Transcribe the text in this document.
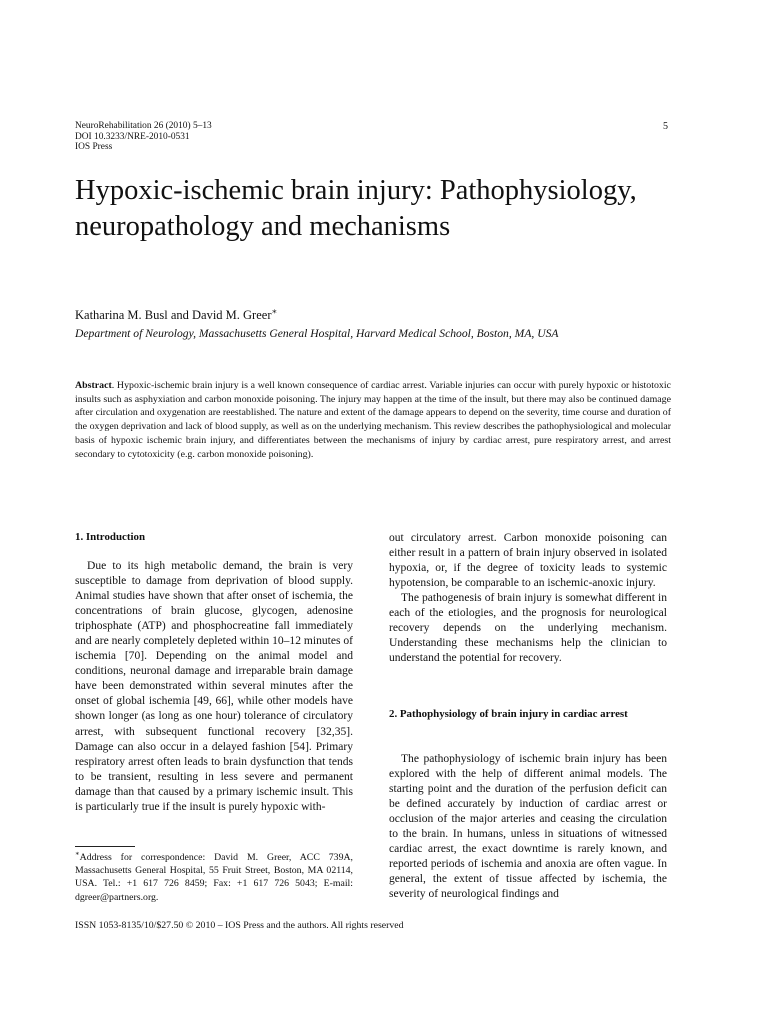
NeuroRehabilitation 26 (2010) 5–13
DOI 10.3233/NRE-2010-0531
IOS Press
5
Hypoxic-ischemic brain injury: Pathophysiology, neuropathology and mechanisms
Katharina M. Busl and David M. Greer∗
Department of Neurology, Massachusetts General Hospital, Harvard Medical School, Boston, MA, USA
Abstract. Hypoxic-ischemic brain injury is a well known consequence of cardiac arrest. Variable injuries can occur with purely hypoxic or histotoxic insults such as asphyxiation and carbon monoxide poisoning. The injury may happen at the time of the insult, but there may also be continued damage after circulation and oxygenation are reestablished. The nature and extent of the damage appears to depend on the severity, time course and duration of the oxygen deprivation and lack of blood supply, as well as on the underlying mechanism. This review describes the pathophysiological and molecular basis of hypoxic ischemic brain injury, and differentiates between the mechanisms of injury by cardiac arrest, pure respiratory arrest, and arrest secondary to cytotoxicity (e.g. carbon monoxide poisoning).

1. Introduction

Due to its high metabolic demand, the brain is very susceptible to damage from deprivation of blood supply. Animal studies have shown that after onset of ischemia, the concentrations of brain glucose, glycogen, adenosine triphosphate (ATP) and phosphocreatine fall immediately and are nearly completely depleted within 10–12 minutes of ischemia [70]. Depending on the animal model and conditions, neuronal damage and irreparable brain damage have been demonstrated within several minutes after the onset of global ischemia [49, 66], while other models have shown longer (as long as one hour) tolerance of circulatory arrest, with subsequent functional recovery [32,35]. Damage can also occur in a delayed fashion [54]. Primary respiratory arrest often leads to brain dysfunction that tends to be transient, resulting in less severe and permanent damage than that caused by a primary ischemic insult. This is particularly true if the insult is purely hypoxic with-

∗Address for correspondence: David M. Greer, ACC 739A, Massachusetts General Hospital, 55 Fruit Street, Boston, MA 02114, USA. Tel.: +1 617 726 8459; Fax: +1 617 726 5043; E-mail: dgreer@partners.org.

out circulatory arrest. Carbon monoxide poisoning can either result in a pattern of brain injury observed in isolated hypoxia, or, if the degree of toxicity leads to systemic hypotension, be comparable to an ischemic-anoxic injury.

The pathogenesis of brain injury is somewhat different in each of the etiologies, and the prognosis for neurological recovery depends on the underlying mechanism. Understanding these mechanisms help the clinician to understand the potential for recovery.

2. Pathophysiology of brain injury in cardiac arrest

The pathophysiology of ischemic brain injury has been explored with the help of different animal models. The starting point and the duration of the perfusion deficit can be defined accurately by induction of cardiac arrest or occlusion of the major arteries and ceasing the circulation to the brain. In humans, unless in situations of witnessed cardiac arrest, the exact downtime is rarely known, and reported periods of ischemia and anoxia are often vague. In general, the extent of tissue affected by ischemia, the severity of neurological findings and

ISSN 1053-8135/10/$27.50 © 2010 – IOS Press and the authors. All rights reserved
